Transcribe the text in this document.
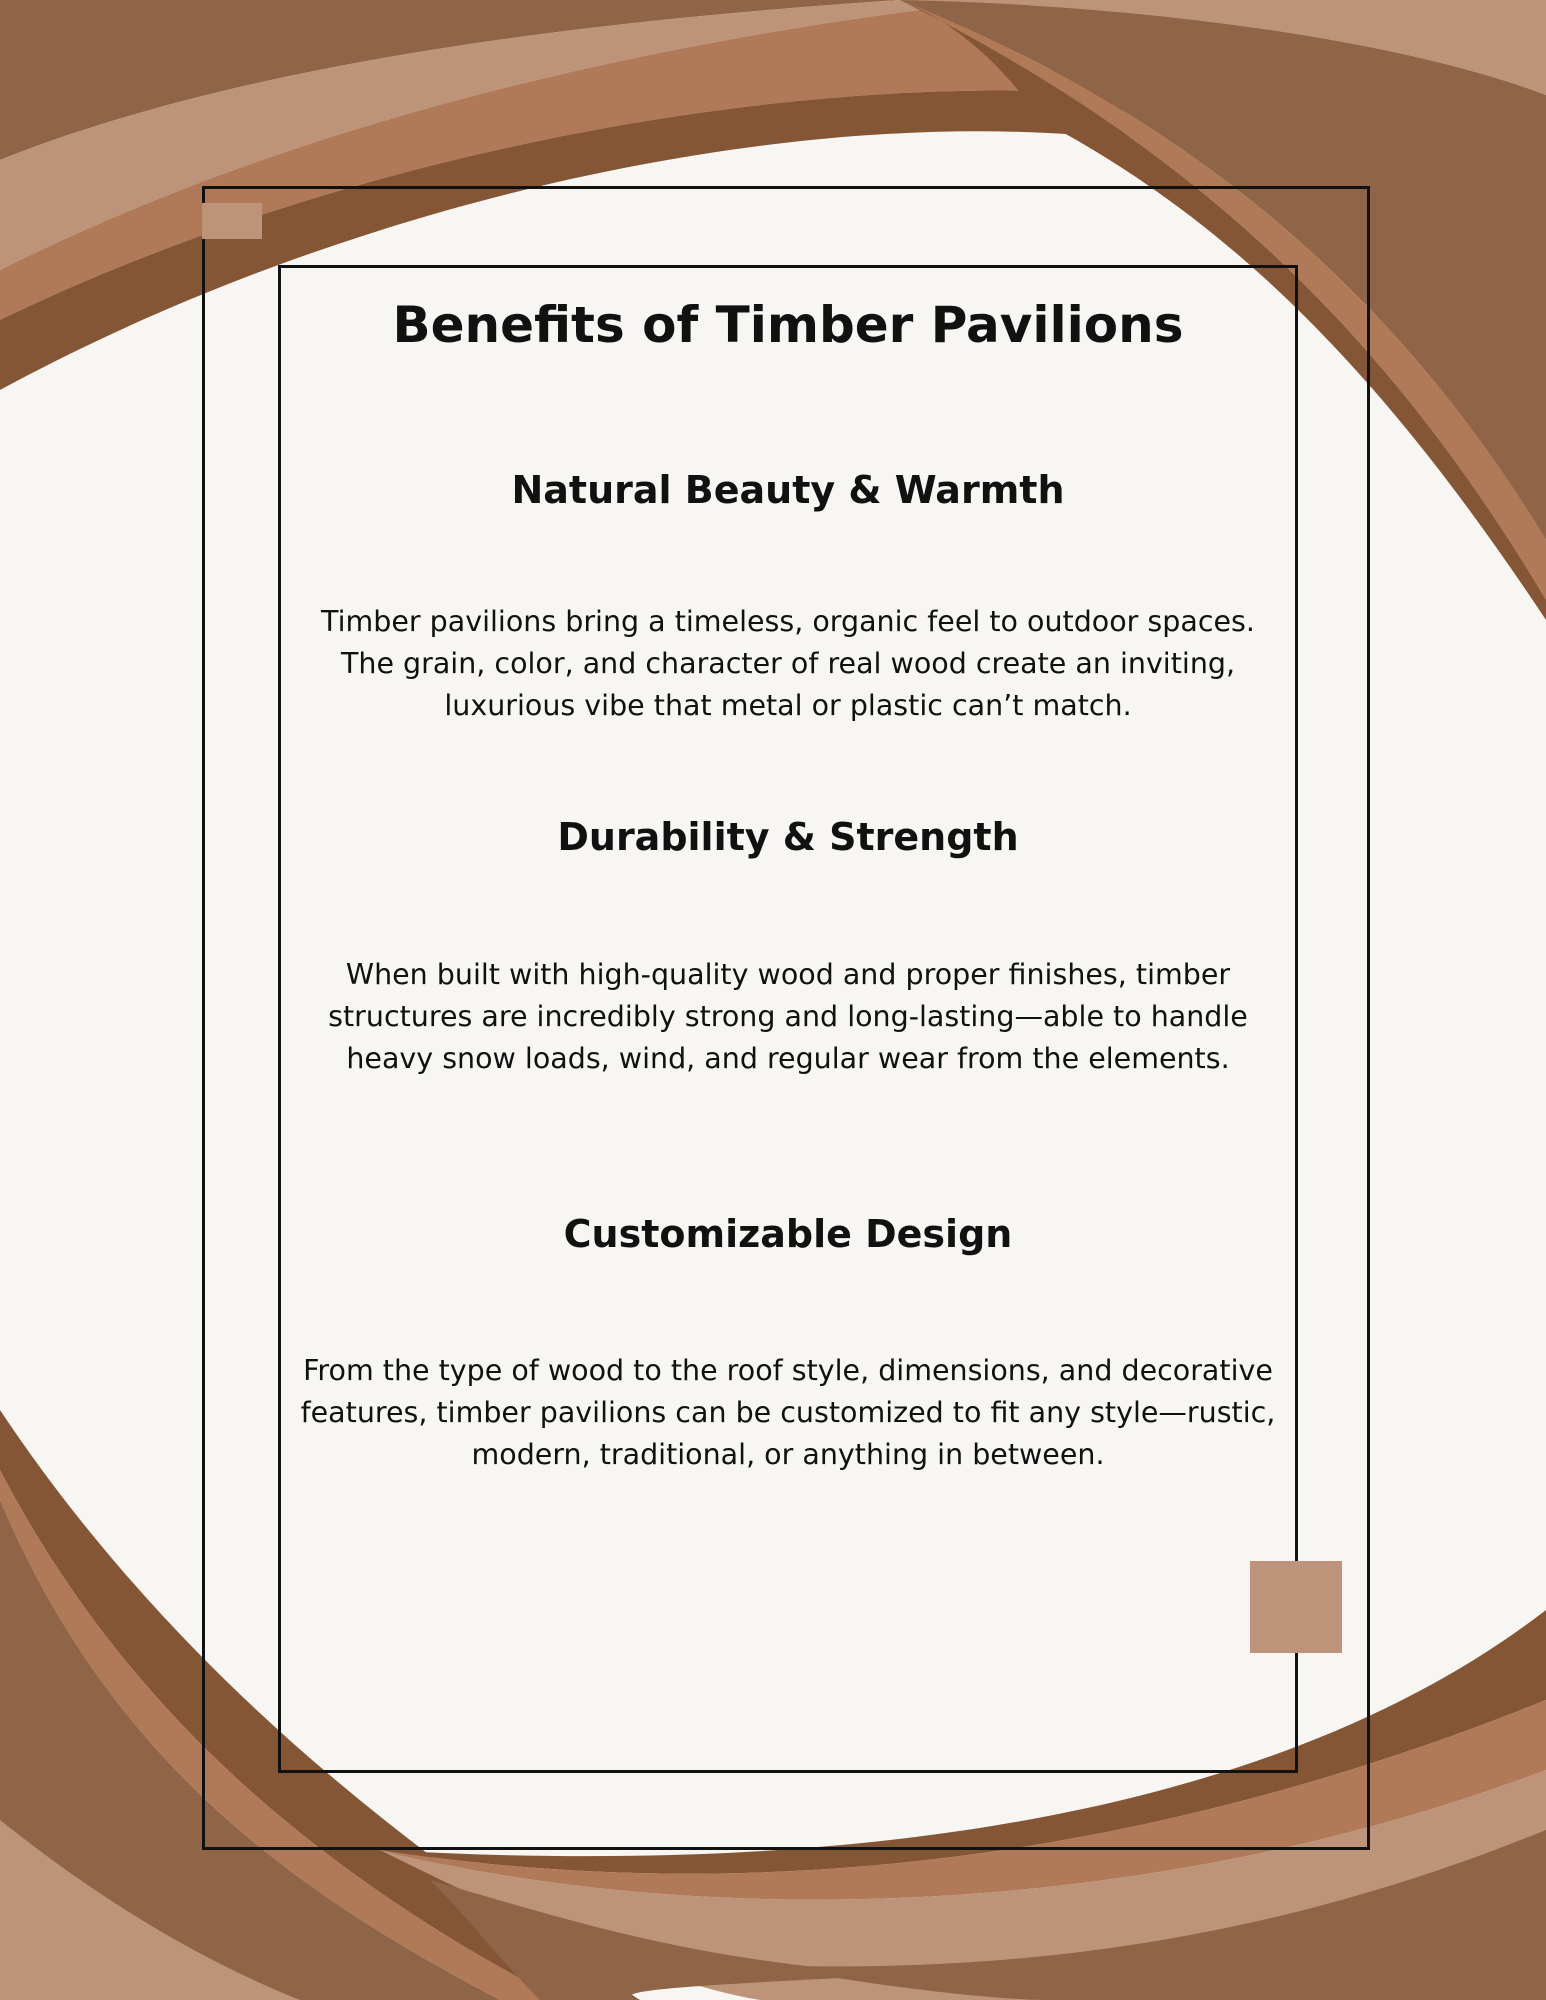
Benefits of Timber Pavilions
Natural Beauty & Warmth

Timber pavilions bring a timeless, organic feel to outdoor spaces.
The grain, color, and character of real wood create an inviting,
luxurious vibe that metal or plastic can’t match.

Durability & Strength

When built with high-quality wood and proper finishes, timber
structures are incredibly strong and long-lasting—able to handle
heavy snow loads, wind, and regular wear from the elements.

Customizable Design

From the type of wood to the roof style, dimensions, and decorative
features, timber pavilions can be customized to fit any style—rustic,
modern, traditional, or anything in between.
